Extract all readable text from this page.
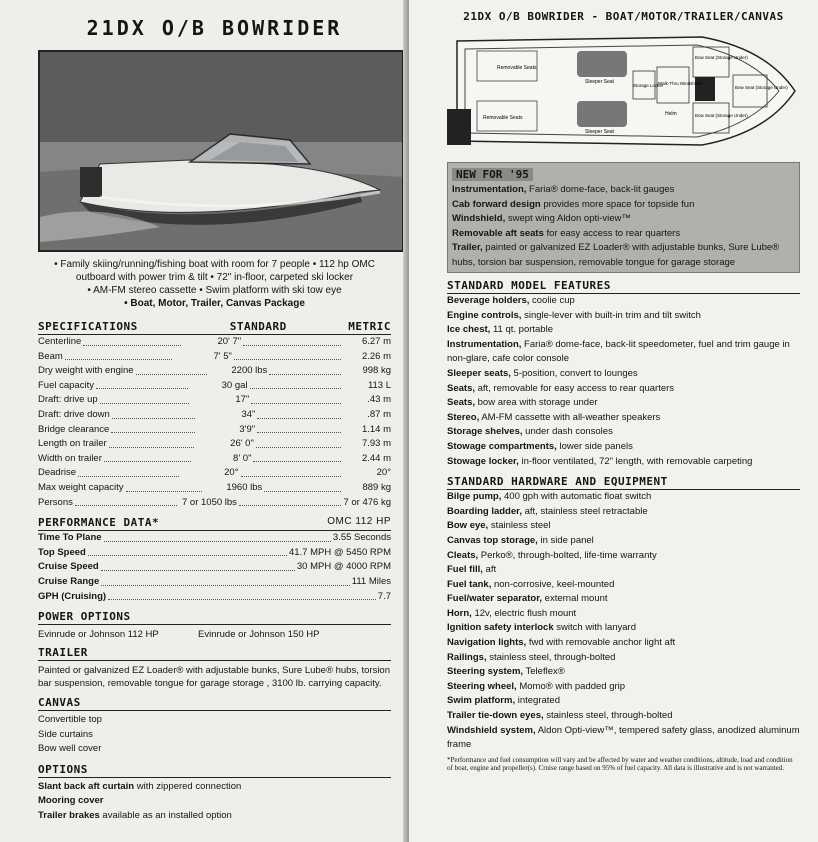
21DX O/B BOWRIDER
• Family skiing/running/fishing boat with room for 7 people • 112 hp OMC
outboard with power trim & tilt • 72" in-floor, carpeted ski locker
• AM-FM stereo cassette • Swim platform with ski tow eye
• Boat, Motor, Trailer, Canvas Package
SPECIFICATIONS	STANDARD	METRIC
Centerline	20' 7"	6.27 m
Beam	7' 5"	2.26 m
Dry weight with engine	2200 lbs	998 kg
Fuel capacity	30 gal	113 L
Draft: drive up	17"	.43 m
Draft: drive down	34"	.87 m
Bridge clearance	3'9"	1.14 m
Length on trailer	26' 0"	7.93 m
Width on trailer	8' 0"	2.44 m
Deadrise	20°	20°
Max weight capacity	1960 lbs	889 kg
Persons	7 or 1050 lbs	7 or 476 kg
PERFORMANCE DATA*	OMC 112 HP
Time To Plane	3.55 Seconds
Top Speed	41.7 MPH @ 5450 RPM
Cruise Speed	30 MPH @ 4000 RPM
Cruise Range	111 Miles
GPH (Cruising)	7.7
POWER OPTIONS
Evinrude or Johnson 112 HP	Evinrude or Johnson 150 HP
TRAILER
Painted or galvanized EZ Loader® with adjustable bunks, Sure Lube® hubs, torsion bar suspension, removable tongue for garage storage , 3100 lb. carrying capacity.
CANVAS
Convertible top
Side curtains
Bow well cover
OPTIONS
Slant back aft curtain with zippered connection
Mooring cover
Trailer brakes available as an installed option
21DX O/B BOWRIDER - BOAT/MOTOR/TRAILER/CANVAS
Removable Seats
Sleeper Seat
Sleeper Seat
Storage Locker
Walk-Thru Windshield
Helm
Bow Seat (Storage Under)
Bow Seat (Storage Under)
Bow Seat (Storage Under)
Removable Seats
NEW FOR '95
Instrumentation, Faria® dome-face, back-lit gauges
Cab forward design provides more space for topside fun
Windshield, swept wing Aldon opti-view™
Removable aft seats for easy access to rear quarters
Trailer, painted or galvanized EZ Loader® with adjustable bunks, Sure Lube® hubs, torsion bar suspension, removable tongue for garage storage
STANDARD MODEL FEATURES
Beverage holders, coolie cup
Engine controls, single-lever with built-in trim and tilt switch
Ice chest, 11 qt. portable
Instrumentation, Faria® dome-face, back-lit speedometer, fuel and trim gauge in non-glare, cafe color console
Sleeper seats, 5-position, convert to lounges
Seats, aft, removable for easy access to rear quarters
Seats, bow area with storage under
Stereo, AM-FM cassette with all-weather speakers
Storage shelves, under dash consoles
Stowage compartments, lower side panels
Stowage locker, in-floor ventilated, 72" length, with removable carpeting
STANDARD HARDWARE AND EQUIPMENT
Bilge pump, 400 gph with automatic float switch
Boarding ladder, aft, stainless steel retractable
Bow eye, stainless steel
Canvas top storage, in side panel
Cleats, Perko®, through-bolted, life-time warranty
Fuel fill, aft
Fuel tank, non-corrosive, keel-mounted
Fuel/water separator, external mount
Horn, 12v, electric flush mount
Ignition safety interlock switch with lanyard
Navigation lights, fwd with removable anchor light aft
Railings, stainless steel, through-bolted
Steering system, Teleflex®
Steering wheel, Momo® with padded grip
Swim platform, integrated
Trailer tie-down eyes, stainless steel, through-bolted
Windshield system, Aldon Opti-view™, tempered safety glass, anodized aluminum frame
*Performance and fuel consumption will vary and be affected by water and weather conditions, altitude, load and condition of boat, engine and propeller(s). Cruise range based on 95% of fuel capacity. All data is illustrative and is not warranted.
